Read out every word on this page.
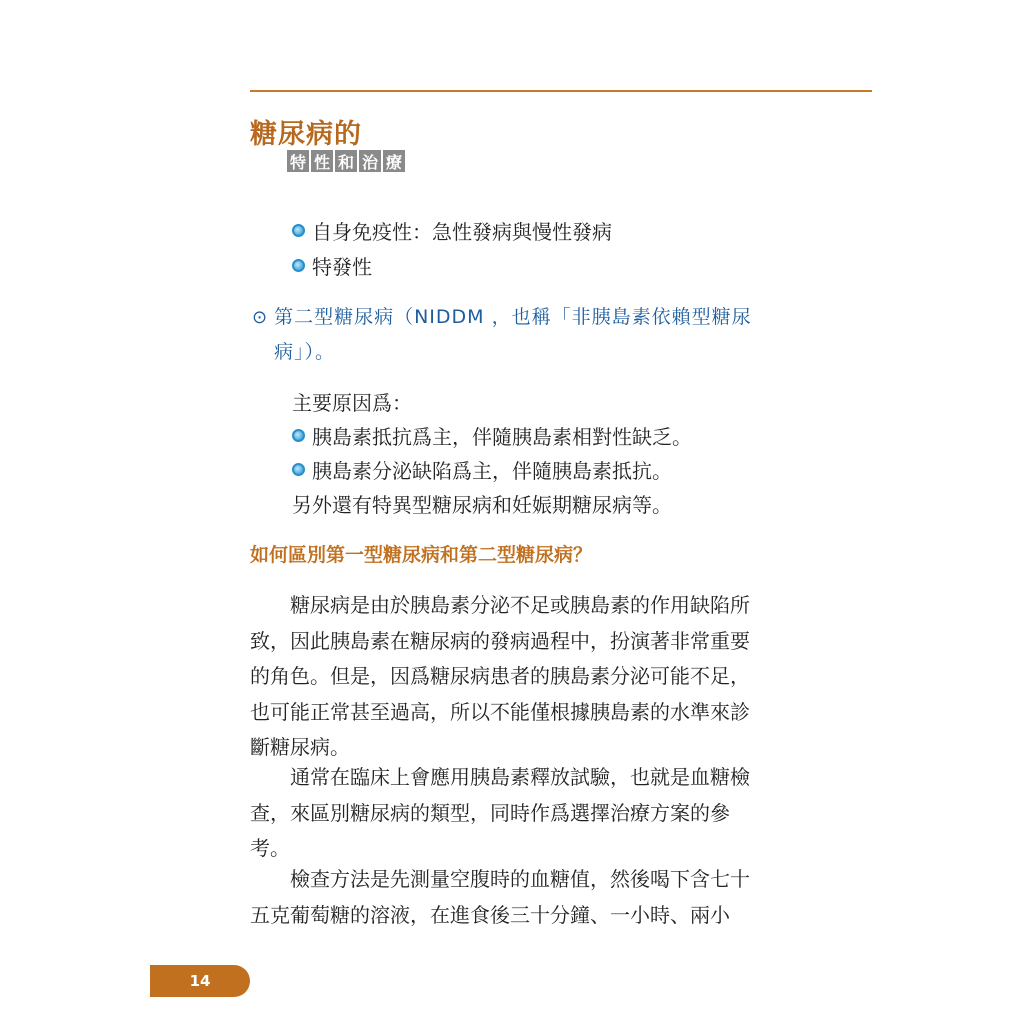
糖尿病的
特 性 和 治 療
自身免疫性：急性發病與慢性發病
特發性
⊙ 第二型糖尿病（NIDDM ，也稱「非胰島素依賴型糖尿
病」）。
主要原因爲：
胰島素抵抗爲主，伴隨胰島素相對性缺乏。
胰島素分泌缺陷爲主，伴隨胰島素抵抗。
另外還有特異型糖尿病和妊娠期糖尿病等。
如何區別第一型糖尿病和第二型糖尿病？
糖尿病是由於胰島素分泌不足或胰島素的作用缺陷所
致，因此胰島素在糖尿病的發病過程中，扮演著非常重要
的角色。但是，因爲糖尿病患者的胰島素分泌可能不足，
也可能正常甚至過高，所以不能僅根據胰島素的水準來診
斷糖尿病。
通常在臨床上會應用胰島素釋放試驗，也就是血糖檢
查，來區別糖尿病的類型，同時作爲選擇治療方案的參
考。
檢查方法是先測量空腹時的血糖值，然後喝下含七十
五克葡萄糖的溶液，在進食後三十分鐘、一小時、兩小
14
